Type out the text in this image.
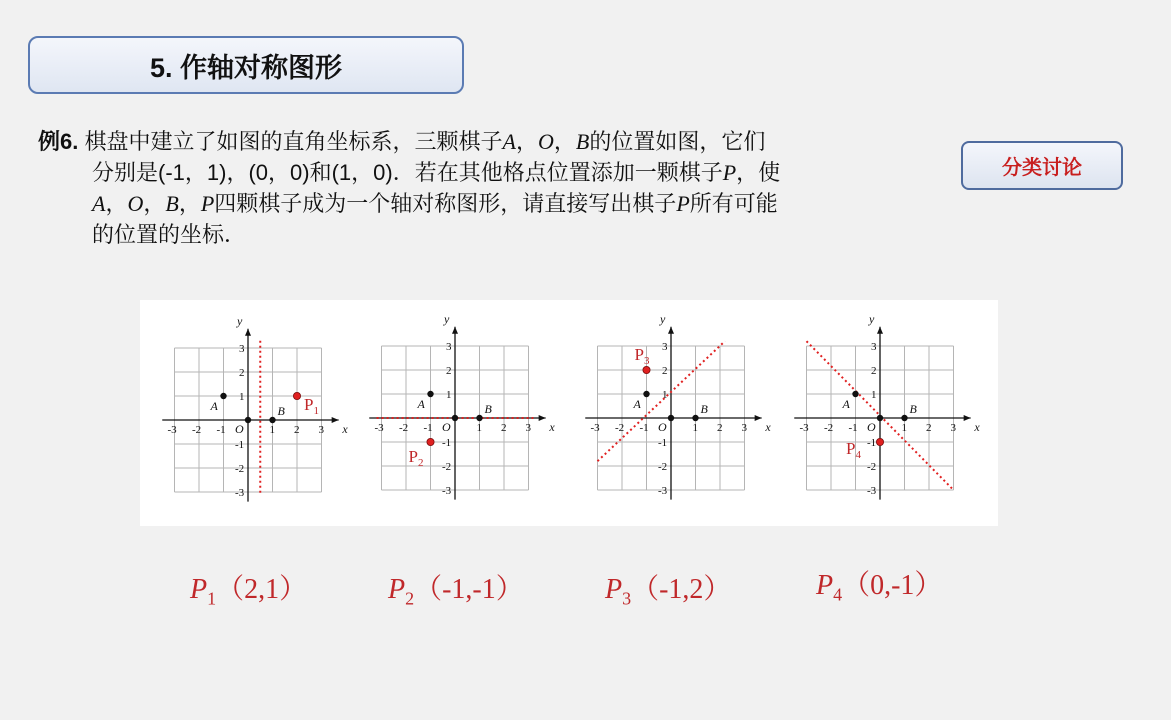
5. 作轴对称图形
例6. 棋盘中建立了如图的直角坐标系，三颗棋子A，O，B的位置如图，它们
分别是(-1，1)，(0，0)和(1，0)．若在其他格点位置添加一颗棋子P，使
A，O，B，P四颗棋子成为一个轴对称图形，请直接写出棋子P所有可能
的位置的坐标．
分类讨论
x
y
-3
-3
-2
-2
-1
-1
1
1
2
2
3
3
O
A	B $P_1$
x
y
-3
-3
-2
-2
-1
-1
1
1
2
2
3
3
O
A	B
$P_2$
x
y
-3
-3
-2
-2
-1
-1
1
1
2
2
3
3
O
A	B
$P_3$
x
y
-3
-3
-2
-2
-1
-1
1
1
2
2
3
3
O
A	B
$P_4$
$P_1(2,1)$	$P_2(-1,-1)$	$P_3(-1,2)$	$P_4(0,-1)$
